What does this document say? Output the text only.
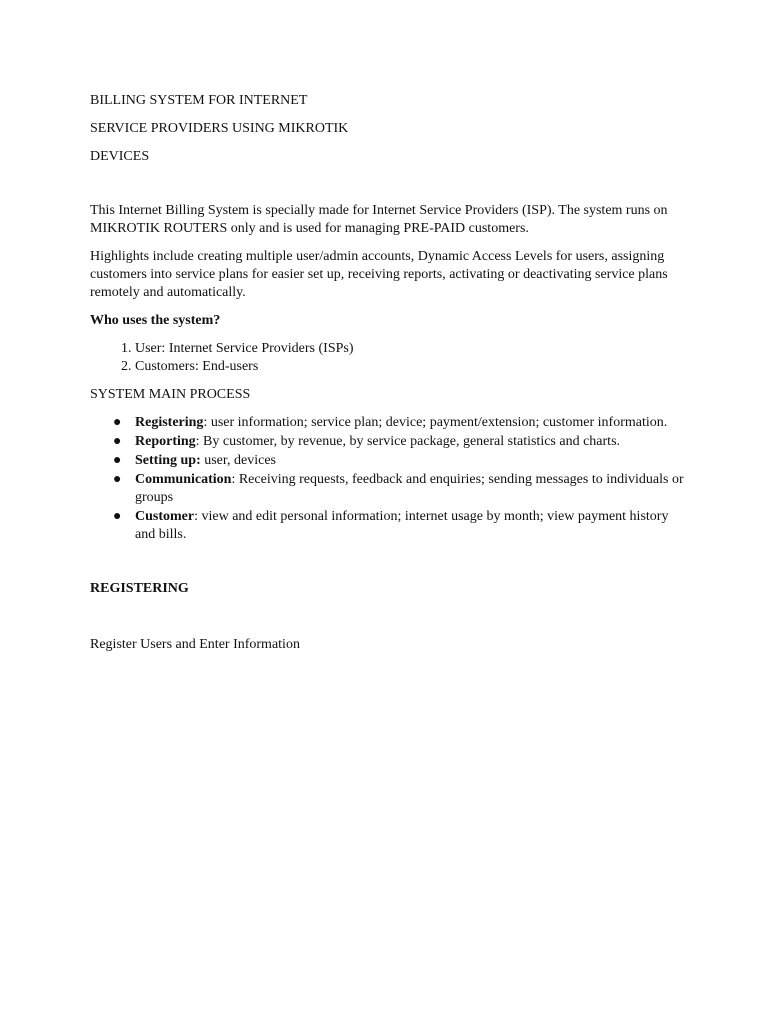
BILLING SYSTEM FOR INTERNET
SERVICE PROVIDERS USING MIKROTIK
DEVICES

This Internet Billing System is specially made for Internet Service Providers (ISP). The system runs on MIKROTIK ROUTERS only and is used for managing PRE-PAID customers.

Highlights include creating multiple user/admin accounts, Dynamic Access Levels for users, assigning customers into service plans for easier set up, receiving reports, activating or deactivating service plans remotely and automatically.

Who uses the system?

1. User: Internet Service Providers (ISPs)
2. Customers: End-users

SYSTEM MAIN PROCESS

● Registering: user information; service plan; device; payment/extension; customer information.
● Reporting: By customer, by revenue, by service package, general statistics and charts.
● Setting up: user, devices
● Communication: Receiving requests, feedback and enquiries; sending messages to individuals or groups
● Customer: view and edit personal information; internet usage by month; view payment history and bills.
REGISTERING
Register Users and Enter Information
